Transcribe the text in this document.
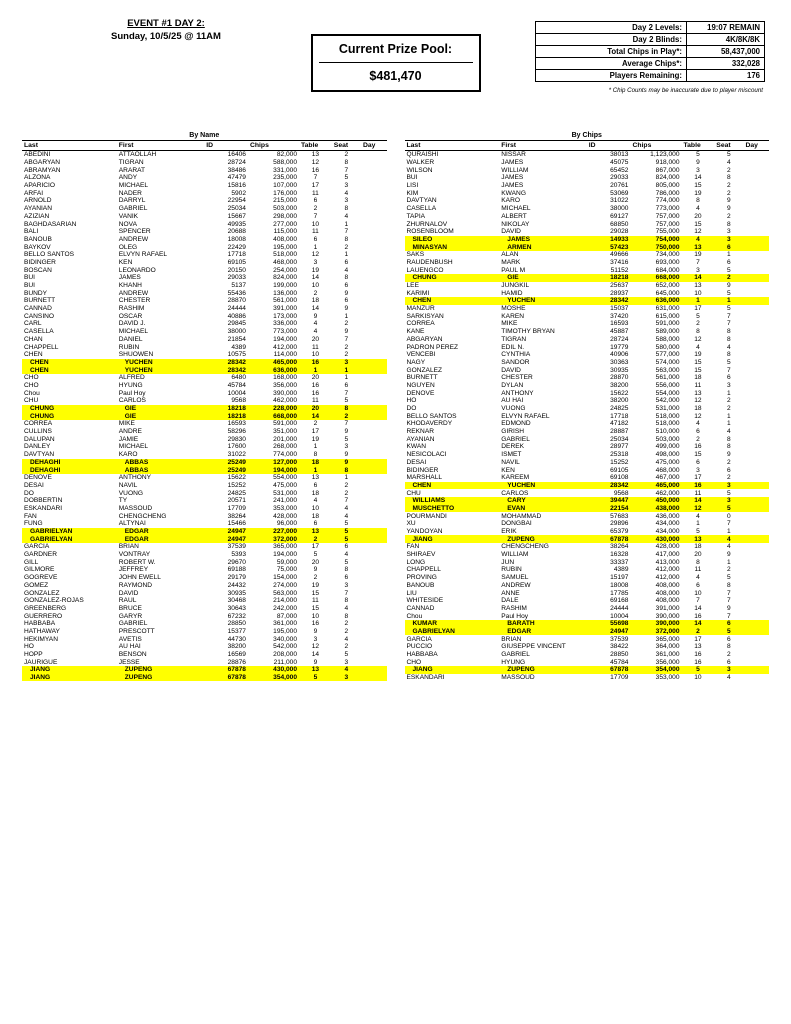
EVENT #1 DAY 2:
Sunday, 10/5/25 @ 11AM
Current Prize Pool:
$481,470
Day 2 Levels:	19:07 REMAIN
Day 2 Blinds:	4K/8K/8K
Total Chips in Play*:	58,437,000
Average Chips*:	332,028
Players Remaining:	176
* Chip Counts may be inaccurate due to player miscount
By Name
Last	First	ID	Chips	Table	Seat	Day
ABEDINI	ATTAOLLAH	16406	82,000	13	2	
ABGARYAN	TIGRAN	28724	588,000	12	8	
ABRAMYAN	ARARAT	38486	331,000	16	7	
ALZONA	ANDY	47479	235,000	7	5	
APARICIO	MICHAEL	15816	107,000	17	3	
ARFAI	NADER	5902	176,000	11	4	
ARNOLD	DARRYL	22954	215,000	6	3	
AYANIAN	GABRIEL	25034	503,000	2	8	
AZIZIAN	VANIK	15667	298,000	7	4	
BAGHDASARIAN	NOVA	49935	277,000	10	1	
BALI	SPENCER	20688	115,000	11	7	
BANOUB	ANDREW	18008	408,000	6	8	
BAYKOV	OLEG	22429	195,000	1	2	
BELLO SANTOS	ELVYN RAFAEL	17718	518,000	12	1	
BIDINGER	KEN	69105	468,000	3	6	
BOSCAN	LEONARDO	20150	254,000	19	4	
BUI	JAMES	29033	824,000	14	8	
BUI	KHANH	5137	199,000	10	6	
BUNDY	ANDREW	55436	136,000	2	9	
BURNETT	CHESTER	28870	561,000	18	6	
CANNAD	RASHIM	24444	391,000	14	9	
CANSINO	OSCAR	40886	173,000	9	1	
CARL	DAVID J.	29845	336,000	4	2	
CASELLA	MICHAEL	38000	773,000	4	9	
CHAN	DANIEL	21854	194,000	20	7	
CHAPPELL	RUBIN	4389	412,000	11	2	
CHEN	SHUOWEN	10575	114,000	10	2	
CHEN	YUCHEN	28342	465,000	16	3	
CHEN	YUCHEN	28342	636,000	1	1	
CHO	ALFRED	6480	168,000	20	1	
CHO	HYUNG	45784	356,000	16	6	
Chou	Paul Hoy	10004	390,000	16	7	
CHU	CARLOS	9568	462,000	11	5	
CHUNG	GIE	18218	228,000	20	8	
CHUNG	GIE	18218	668,000	14	2	
CORREA	MIKE	16593	591,000	2	7	
CULLINS	ANDRE	58296	351,000	17	9	
DALUPAN	JAMIE	29830	201,000	19	5	
DANLEY	MICHAEL	17600	268,000	1	3	
DAVTYAN	KARO	31022	774,000	8	9	
DEHAGHI	ABBAS	25249	127,000	18	9	
DEHAGHI	ABBAS	25249	194,000	1	8	
DENOVE	ANTHONY	15622	554,000	13	1	
DESAI	NAVIL	15252	475,000	6	2	
DO	VUONG	24825	531,000	18	2	
DOBBERTIN	TY	20571	241,000	4	7	
ESKANDARI	MASSOUD	17709	353,000	10	4	
FAN	CHENGCHENG	38264	428,000	18	4	
FUNG	ALTYNAI	15466	96,000	6	5	
GABRIELYAN	EDGAR	24947	227,000	13	5	
GABRIELYAN	EDGAR	24947	372,000	2	5	
GARCIA	BRIAN	37539	365,000	17	6	
GARDNER	VONTRAY	5393	194,000	5	4	
GILL	ROBERT W.	29670	59,000	20	5	
GILMORE	JEFFREY	69188	75,000	9	8	
GOGREVE	JOHN EWELL	29179	154,000	2	6	
GOMEZ	RAYMOND	24432	274,000	19	3	
GONZALEZ	DAVID	30935	563,000	15	7	
GONZALEZ-ROJAS	RAUL	30468	214,000	11	8	
GREENBERG	BRUCE	30643	242,000	15	4	
GUERRERO	GARYR	67232	87,000	10	8	
HABBABA	GABRIEL	28850	361,000	16	2	
HATHAWAY	PRESCOTT	15377	195,000	9	2	
HEKIMYAN	AVETIS	44730	340,000	3	4	
HO	AU HAI	38200	542,000	12	2	
HOPP	BENSON	16569	208,000	14	5	
JAURIGUE	JESSE	28876	211,000	9	3	
JIANG	ZUPENG	67878	430,000	13	4	
JIANG	ZUPENG	67878	354,000	5	3	
By Chips
Last	First	ID	Chips	Table	Seat	Day
QURAISHI	NISSAR	38013	1,123,000	5	5	
WALKER	JAMES	45075	918,000	9	4	
WILSON	WILLIAM	65452	867,000	3	2	
BUI	JAMES	29033	824,000	14	8	
LISI	JAMES	20761	805,000	15	2	
KIM	KWANG	53069	786,000	19	2	
DAVTYAN	KARO	31022	774,000	8	9	
CASELLA	MICHAEL	38000	773,000	4	9	
TAPIA	ALBERT	69127	757,000	20	2	
ZHURNALOV	NIKOLAY	68850	757,000	15	8	
ROSENBLOOM	DAVID	29028	755,000	12	3	
SILEO	JAMES	14933	754,000	4	3	
MINASYAN	ARMEN	57423	750,000	13	6	
SAKS	ALAN	49666	734,000	19	1	
RAUDENBUSH	MARK	37416	693,000	7	6	
LAUENGCO	PAUL M	51152	684,000	3	5	
CHUNG	GIE	18218	668,000	14	2	
LEE	JUNGKIL	25637	652,000	13	9	
KARIMI	HAMID	28937	645,000	10	5	
CHEN	YUCHEN	28342	636,000	1	1	
MANZUR	MOSHE	15037	631,000	17	5	
SARKISYAN	KAREN	37420	615,000	5	7	
CORREA	MIKE	16593	591,000	2	7	
KANE	TIMOTHY BRYAN	45887	589,000	8	8	
ABGARYAN	TIGRAN	28724	588,000	12	8	
PADRON PEREZ	EDIL N.	19779	580,000	4	4	
VENCEBI	CYNTHIA	40906	577,000	19	8	
NAGY	SANDOR	30363	574,000	15	5	
GONZALEZ	DAVID	30935	563,000	15	7	
BURNETT	CHESTER	28870	561,000	18	6	
NGUYEN	DYLAN	38200	556,000	11	3	
DENOVE	ANTHONY	15622	554,000	13	1	
HO	AU HAI	38200	542,000	12	2	
DO	VUONG	24825	531,000	18	2	
BELLO SANTOS	ELVYN RAFAEL	17718	518,000	12	1	
KHODAVERDY	EDMOND	47182	518,000	4	1	
REKNAR	GIRISH	28887	510,000	6	4	
AYANIAN	GABRIEL	25034	503,000	2	8	
KWAN	DEREK	28977	499,000	16	8	
NESICOLACI	ISMET	25318	498,000	15	9	
DESAI	NAVIL	15252	475,000	6	2	
BIDINGER	KEN	69105	468,000	3	6	
MARSHALL	KAREEM	69108	467,000	17	2	
CHEN	YUCHEN	28342	465,000	16	3	
CHU	CARLOS	9568	462,000	11	5	
WILLIAMS	CARY	39447	450,000	14	3	
MUSCHETTO	EVAN	22154	438,000	12	5	
POURMANDI	MOHAMMAD	57683	436,000	4	0	
XU	DONGBAI	29896	434,000	1	7	
YANDOYAN	ERIK	65379	434,000	5	1	
JIANG	ZUPENG	67878	430,000	13	4	
FAN	CHENGCHENG	38264	428,000	18	4	
SHIRAEV	WILLIAM	16328	417,000	20	9	
LONG	JUN	33337	413,000	8	1	
CHAPPELL	RUBIN	4389	412,000	11	2	
PROVING	SAMUEL	15197	412,000	4	5	
BANOUB	ANDREW	18008	408,000	6	8	
LIU	ANNE	17785	408,000	10	7	
WHITESIDE	DALE	69168	408,000	7	7	
CANNAD	RASHIM	24444	391,000	14	9	
Chou	Paul Hoy	10004	390,000	16	7	
KUMAR	BARATH	55698	390,000	14	6	
GABRIELYAN	EDGAR	24947	372,000	2	5	
GARCIA	BRIAN	37539	365,000	17	6	
PUCCIO	GIUSEPPE VINCENT	38422	364,000	13	8	
HABBABA	GABRIEL	28850	361,000	16	2	
CHO	HYUNG	45784	356,000	16	6	
JIANG	ZUPENG	67878	354,000	5	3	
ESKANDARI	MASSOUD	17709	353,000	10	4	
